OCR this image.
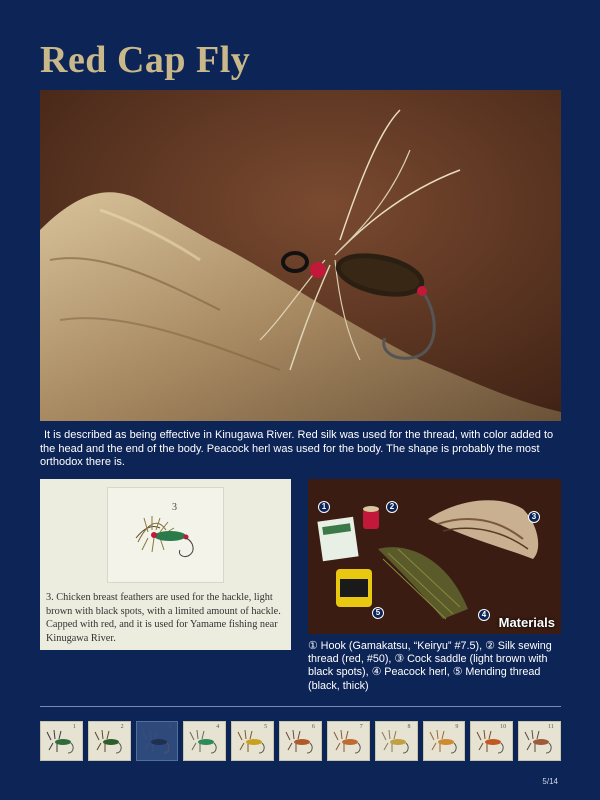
Red Cap Fly

It is described as being effective in Kinugawa River. Red silk was used for the thread, with color added to the head and the end of the body. Peacock herl was used for the body. The shape is probably the most orthodox there is.

3

3. Chicken breast feathers are used for the hackle, light brown with black spots, with a limited amount of hackle. Capped with red, and it is used for Yamame fishing near Kinugawa River.

1	2
3
4
5
Materials

① Hook (Gamakatsu, “Keiryu” #7.5), ② Silk sewing thread (red, #50), ③ Cock saddle (light brown with black spots), ④ Peacock herl, ⑤ Mending thread (black, thick)

1	2	3	4	5	6	7	8	9	10	11
5/14
